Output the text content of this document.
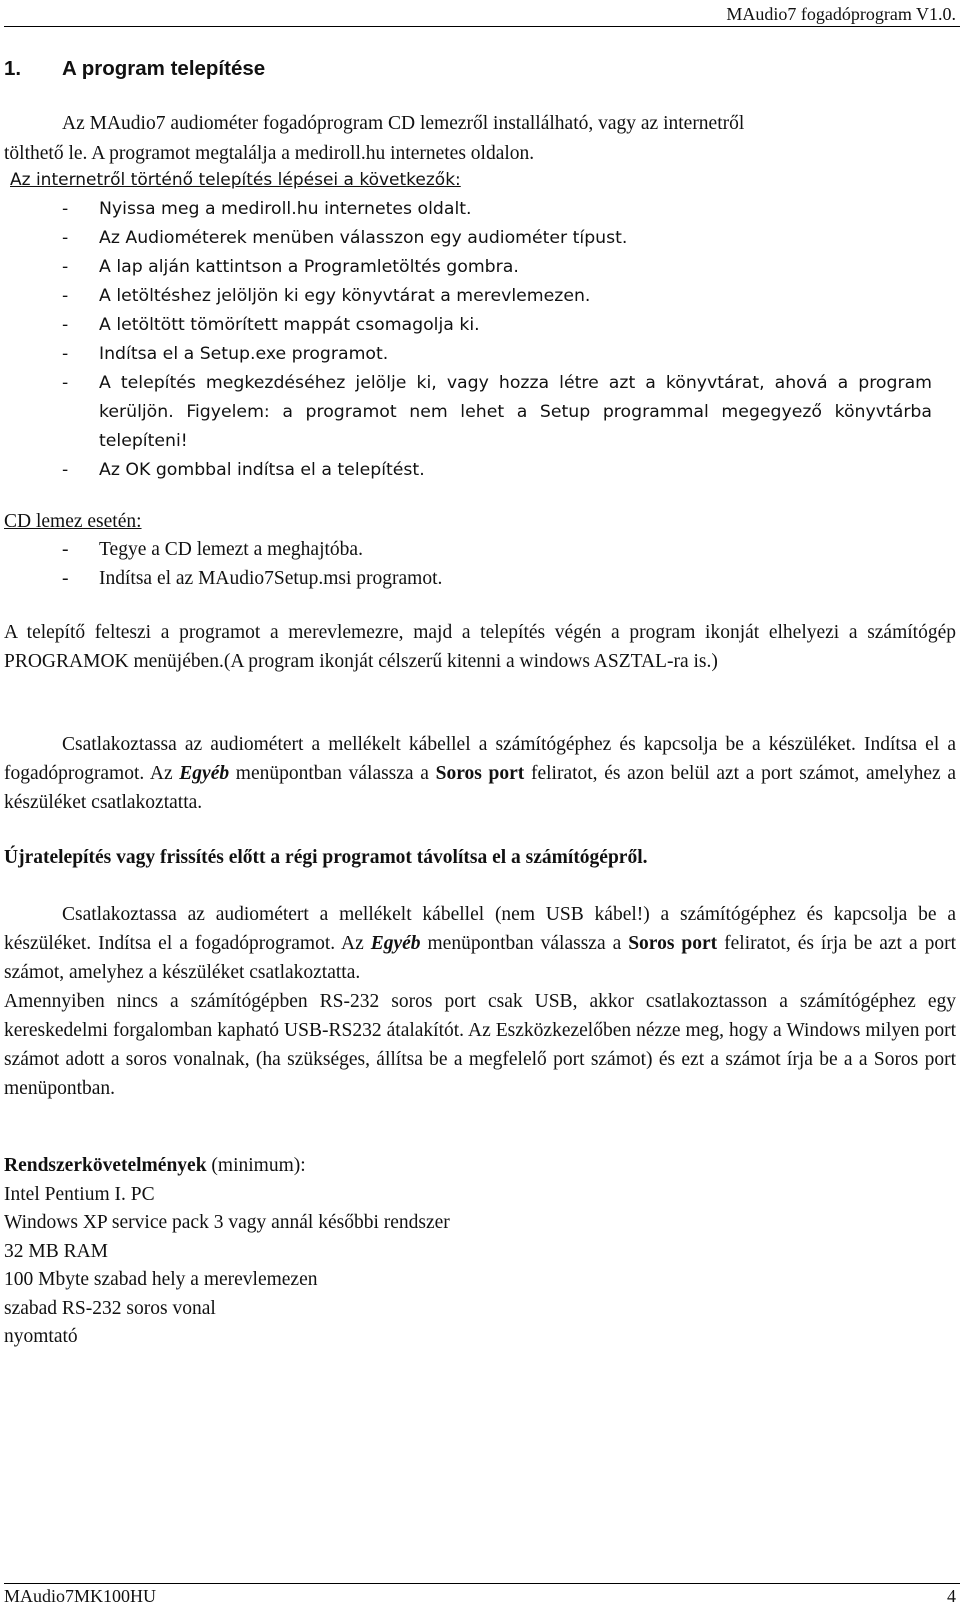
MAudio7 fogadóprogram V1.0.
1. A program telepítése
Az MAudio7 audiométer fogadóprogram CD lemezről installálható, vagy az internetről
tölthető le. A programot megtalálja a mediroll.hu internetes oldalon.
Az internetről történő telepítés lépései a következők:
-	Nyissa meg a mediroll.hu internetes oldalt.
-	Az Audiométerek menüben válasszon egy audiométer típust.
-	A lap alján kattintson a Programletöltés gombra.
-	A letöltéshez jelöljön ki egy könyvtárat a merevlemezen.
-	A letöltött tömörített mappát csomagolja ki.
-	Indítsa el a Setup.exe programot.
-	A telepítés megkezdéséhez jelölje ki, vagy hozza létre azt a könyvtárat, ahová a program kerüljön. Figyelem: a programot nem lehet a Setup programmal megegyező könyvtárba telepíteni!
-	Az OK gombbal indítsa el a telepítést.
CD lemez esetén:
-	Tegye a CD lemezt a meghajtóba.
-	Indítsa el az MAudio7Setup.msi programot.
A telepítő felteszi a programot a merevlemezre, majd a telepítés végén a program ikonját elhelyezi a számítógép PROGRAMOK menüjében.(A program ikonját célszerű kitenni a windows ASZTAL-ra is.)
Csatlakoztassa az audiométert a mellékelt kábellel a számítógéphez és kapcsolja be a készüléket. Indítsa el a fogadóprogramot. Az Egyéb menüpontban válassza a Soros port feliratot, és azon belül azt a port számot, amelyhez a készüléket csatlakoztatta.
Újratelepítés vagy frissítés előtt a régi programot távolítsa el a számítógépről.
Csatlakoztassa az audiométert a mellékelt kábellel (nem USB kábel!) a számítógéphez és kapcsolja be a készüléket. Indítsa el a fogadóprogramot. Az Egyéb menüpontban válassza a Soros port feliratot, és írja be azt a port számot, amelyhez a készüléket csatlakoztatta.
Amennyiben nincs a számítógépben RS-232 soros port csak USB, akkor csatlakoztasson a számítógéphez egy kereskedelmi forgalomban kapható USB-RS232 átalakítót. Az Eszközkezelőben nézze meg, hogy a Windows milyen port számot adott a soros vonalnak, (ha szükséges, állítsa be a megfelelő port számot) és ezt a számot írja be a a Soros port menüpontban.
Rendszerkövetelmények (minimum):
Intel Pentium I. PC
Windows XP service pack 3 vagy annál későbbi rendszer
32 MB RAM
100 Mbyte szabad hely a merevlemezen
szabad RS-232 soros vonal
nyomtató
MAudio7MK100HU	4
